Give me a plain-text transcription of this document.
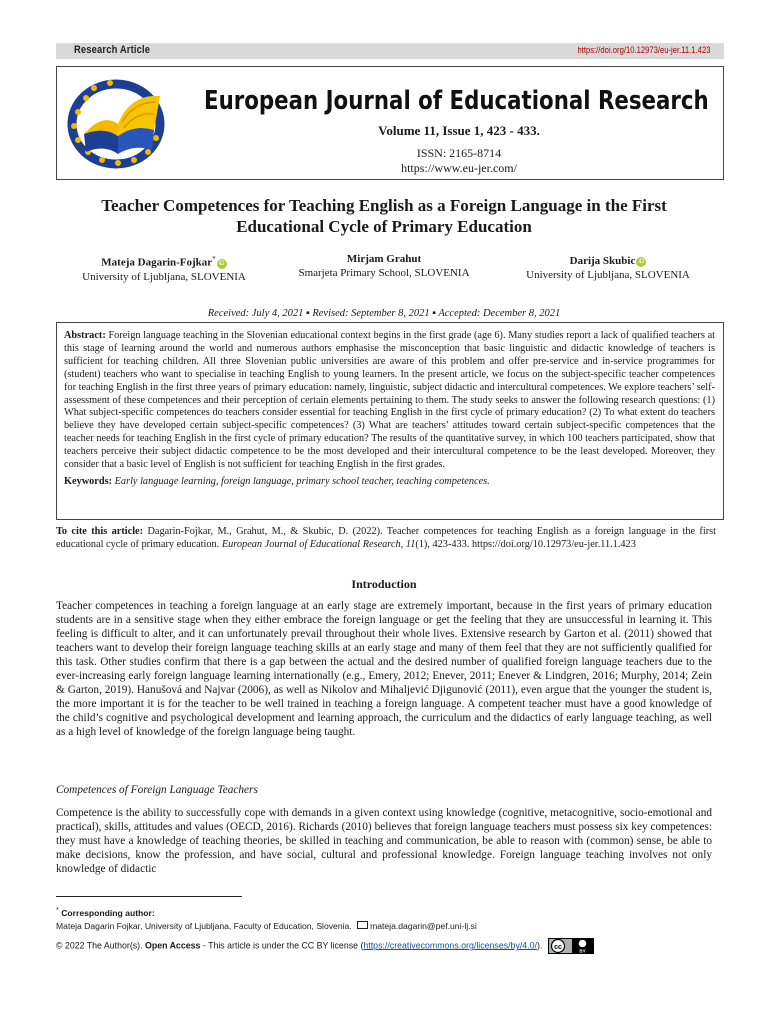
Research Article	https://doi.org/10.12973/eu-jer.11.1.423
European Journal of Educational Research
Volume 11, Issue 1, 423 - 433.
ISSN: 2165-8714
https://www.eu-jer.com/
Teacher Competences for Teaching English as a Foreign Language in the First Educational Cycle of Primary Education
Mateja Dagarin-Fojkar*iD
University of Ljubljana, SLOVENIA
Mirjam Grahut
Smarjeta Primary School, SLOVENIA
Darija Skubic iD
University of Ljubljana, SLOVENIA
Received: July 4, 2021 ▪ Revised: September 8, 2021 ▪ Accepted: December 8, 2021
Abstract: Foreign language teaching in the Slovenian educational context begins in the first grade (age 6). Many studies report a lack of qualified teachers at this stage of learning around the world and numerous authors emphasise the misconception that basic linguistic and didactic knowledge of teachers is sufficient for teaching children. All three Slovenian public universities are aware of this problem and offer pre-service and in-service programmes for (student) teachers who want to specialise in teaching English to young learners. In the present article, we focus on the subject-specific teacher competences for teaching English in the first three years of primary education: namely, linguistic, subject didactic and intercultural competences. We explore teachers’ self-assessment of these competences and their perception of certain elements pertaining to them. The study seeks to answer the following research questions: (1) What subject-specific competences do teachers consider essential for teaching English in the first cycle of primary education? (2) To what extent do teachers believe they have developed certain subject-specific competences? (3) What are teachers’ attitudes toward certain subject-specific competences that the teacher needs for teaching English in the first cycle of primary education? The results of the quantitative survey, in which 100 teachers participated, show that teachers perceive their subject didactic competence to be the most developed and their intercultural competence to be the least developed. Moreover, they consider that a basic level of English is not sufficient for teaching English in the first grades.
Keywords: Early language learning, foreign language, primary school teacher, teaching competences.
To cite this article: Dagarin-Fojkar, M., Grahut, M., & Skubic, D. (2022). Teacher competences for teaching English as a foreign language in the first educational cycle of primary education. European Journal of Educational Research, 11(1), 423-433. https://doi.org/10.12973/eu-jer.11.1.423
Introduction
Teacher competences in teaching a foreign language at an early stage are extremely important, because in the first years of primary education students are in a sensitive stage when they either embrace the foreign language or get the feeling that they are unsuccessful in learning it. This feeling is difficult to alter, and it can unfortunately prevail throughout their whole lives. Extensive research by Garton et al. (2011) showed that teachers want to develop their foreign language teaching skills at an early stage and many of them feel that they are not sufficiently qualified for this task. Other studies confirm that there is a gap between the actual and the desired number of qualified foreign language teachers due to the ever-increasing early foreign language learning internationally (e.g., Emery, 2012; Enever, 2011; Enever & Lindgren, 2016; Murphy, 2014; Zein & Garton, 2019). Hanušová and Najvar (2006), as well as Nikolov and Mihaljević Djigunović (2011), even argue that the younger the student is, the more important it is for the teacher to be well trained in teaching a foreign language. A competent teacher must have a good knowledge of the child’s cognitive and psychological development and learning approach, the curriculum and the didactics of early language teaching, as well as a high level of knowledge of the foreign language being taught.
Competences of Foreign Language Teachers
Competence is the ability to successfully cope with demands in a given context using knowledge (cognitive, metacognitive, socio-emotional and practical), skills, attitudes and values (OECD, 2016). Richards (2010) believes that foreign language teachers must possess six key competences: they must have a knowledge of teaching theories, be skilled in teaching and communication, be able to reason with (common) sense, be able to make decisions, know the profession, and have social, cultural and professional knowledge. Foreign language teaching involves not only knowledge of didactic
* Corresponding author:
Mateja Dagarin Fojkar, University of Ljubljana, Faculty of Education, Slovenia. mateja.dagarin@pef.uni-lj.si
© 2022 The Author(s). Open Access - This article is under the CC BY license (https://creativecommons.org/licenses/by/4.0/). cc	BY
